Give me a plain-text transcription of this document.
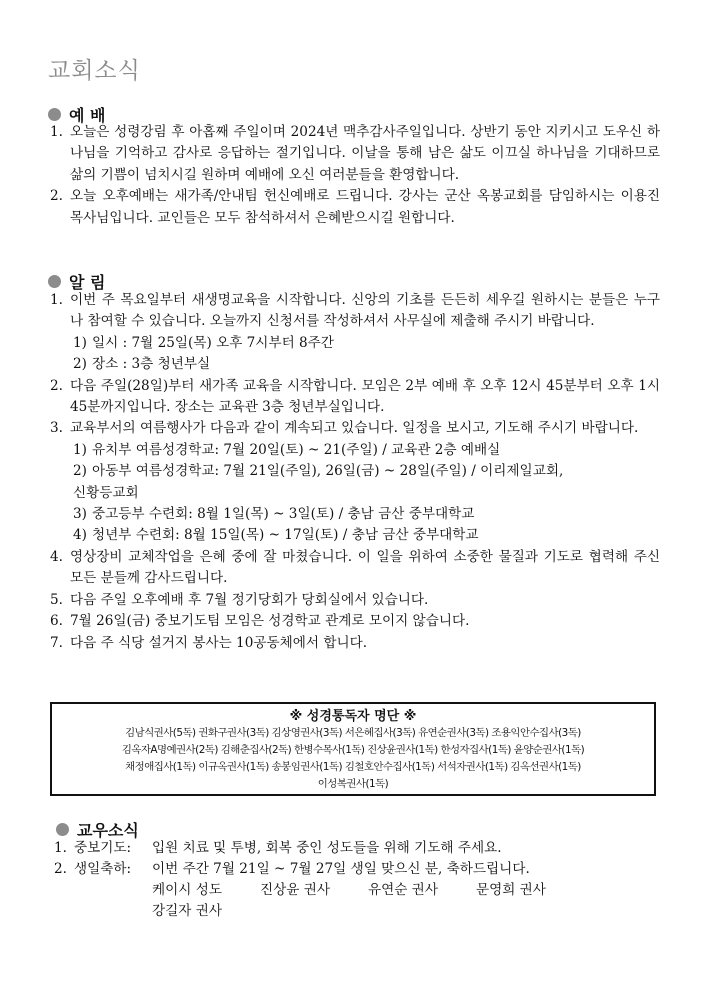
교회소식
예 배
1. 오늘은 성령강림 후 아홉째 주일이며 2024년 맥추감사주일입니다. 상반기 동안 지키시고 도우신 하나님을 기억하고 감사로 응답하는 절기입니다. 이날을 통해 남은 삶도 이끄실 하나님을 기대하므로 삶의 기쁨이 넘치시길 원하며 예배에 오신 여러분들을 환영합니다.
2. 오늘 오후예배는 새가족/안내팀 헌신예배로 드립니다. 강사는 군산 옥봉교회를 담임하시는 이용진 목사님입니다. 교인들은 모두 참석하셔서 은혜받으시길 원합니다.
알 림
1. 이번 주 목요일부터 새생명교육을 시작합니다. 신앙의 기초를 든든히 세우길 원하시는 분들은 누구나 참여할 수 있습니다. 오늘까지 신청서를 작성하셔서 사무실에 제출해 주시기 바랍니다.
1) 일시 : 7월 25일(목) 오후 7시부터 8주간
2) 장소 : 3층 청년부실
2. 다음 주일(28일)부터 새가족 교육을 시작합니다. 모임은 2부 예배 후 오후 12시 45분부터 오후 1시 45분까지입니다. 장소는 교육관 3층 청년부실입니다.
3. 교육부서의 여름행사가 다음과 같이 계속되고 있습니다. 일정을 보시고, 기도해 주시기 바랍니다.
1) 유치부 여름성경학교: 7월 20일(토) ~ 21(주일) / 교육관 2층 예배실
2) 아동부 여름성경학교: 7월 21일(주일), 26일(금) ~ 28일(주일) / 이리제일교회,
신황등교회
3) 중고등부 수련회: 8월 1일(목) ~ 3일(토) / 충남 금산 중부대학교
4) 청년부 수련회: 8월 15일(목) ~ 17일(토) / 충남 금산 중부대학교
4. 영상장비 교체작업을 은혜 중에 잘 마쳤습니다. 이 일을 위하여 소중한 물질과 기도로 협력해 주신 모든 분들께 감사드립니다.
5. 다음 주일 오후예배 후 7월 정기당회가 당회실에서 있습니다.
6. 7월 26일(금) 중보기도팀 모임은 성경학교 관계로 모이지 않습니다.
7. 다음 주 식당 설거지 봉사는 10공동체에서 합니다.
※ 성경통독자 명단 ※
김남식권사(5독) 권화구권사(3독) 김상영권사(3독) 서은혜집사(3독) 유연순권사(3독) 조용익안수집사(3독)
김옥자A명예권사(2독) 김해춘집사(2독) 한병수목사(1독) 진상윤권사(1독) 한성자집사(1독) 윤양순권사(1독)
채정애집사(1독) 이규옥권사(1독) 송봉임권사(1독) 김철호안수집사(1독) 서석자권사(1독) 김옥선권사(1독)
이성복권사(1독)
교우소식
1. 중보기도:	입원 치료 및 투병, 회복 중인 성도들을 위해 기도해 주세요.
2. 생일축하:	이번 주간 7월 21일 ~ 7월 27일 생일 맞으신 분, 축하드립니다.
케이시 성도	진상윤 권사	유연순 권사	문영희 권사
강길자 권사
